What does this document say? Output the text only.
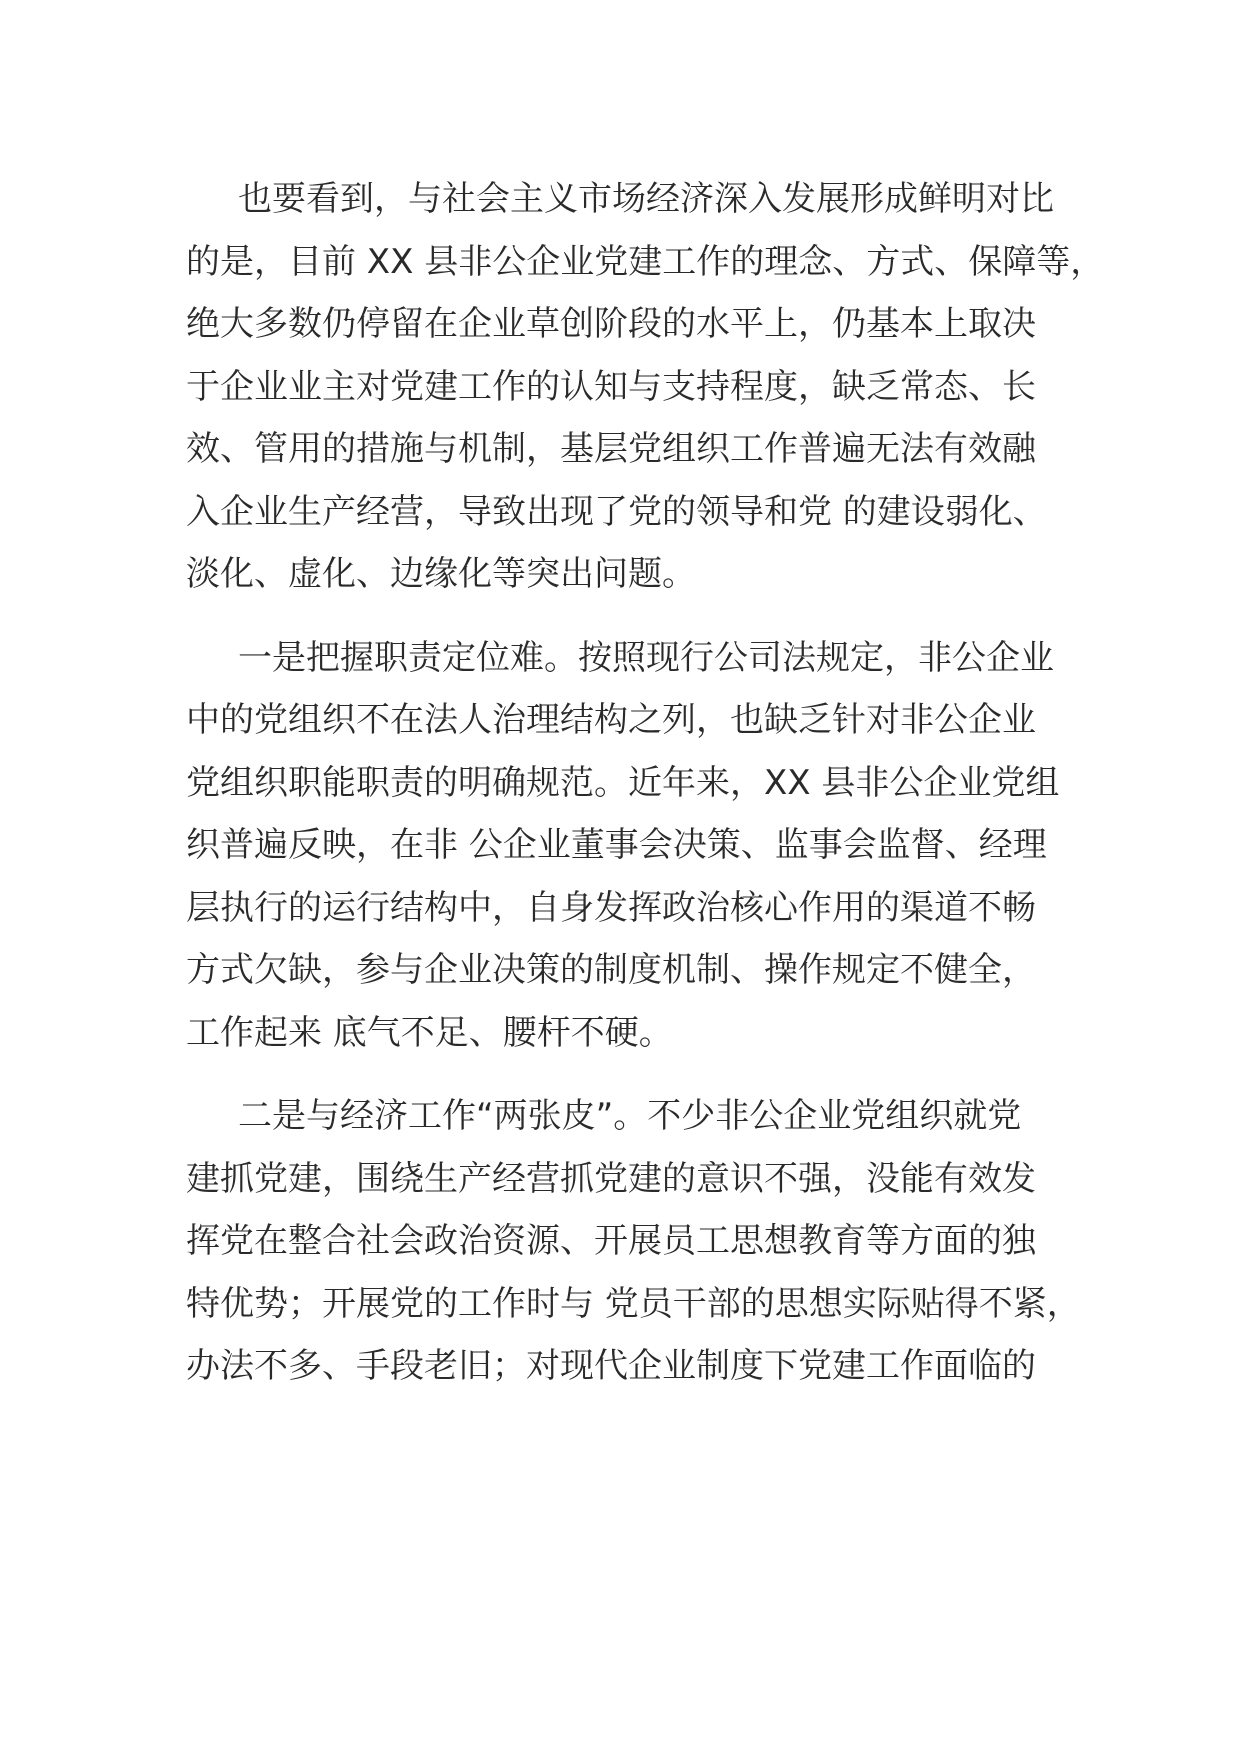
也要看到，与社会主义市场经济深入发展形成鲜明对比
的是，目前 XX 县非公企业党建工作的理念、方式、保障等，
绝大多数仍停留在企业草创阶段的水平上，仍基本上取决
于企业业主对党建工作的认知与支持程度，缺乏常态、长
效、管用的措施与机制，基层党组织工作普遍无法有效融
入企业生产经营，导致出现了党的领导和党 的建设弱化、
淡化、虚化、边缘化等突出问题。
一是把握职责定位难。按照现行公司法规定，非公企业
中的党组织不在法人治理结构之列，也缺乏针对非公企业
党组织职能职责的明确规范。近年来，XX 县非公企业党组
织普遍反映，在非 公企业董事会决策、监事会监督、经理
层执行的运行结构中，自身发挥政治核心作用的渠道不畅
方式欠缺，参与企业决策的制度机制、操作规定不健全，
工作起来 底气不足、腰杆不硬。
二是与经济工作“两张皮”。不少非公企业党组织就党
建抓党建，围绕生产经营抓党建的意识不强，没能有效发
挥党在整合社会政治资源、开展员工思想教育等方面的独
特优势；开展党的工作时与 党员干部的思想实际贴得不紧，
办法不多、手段老旧；对现代企业制度下党建工作面临的
